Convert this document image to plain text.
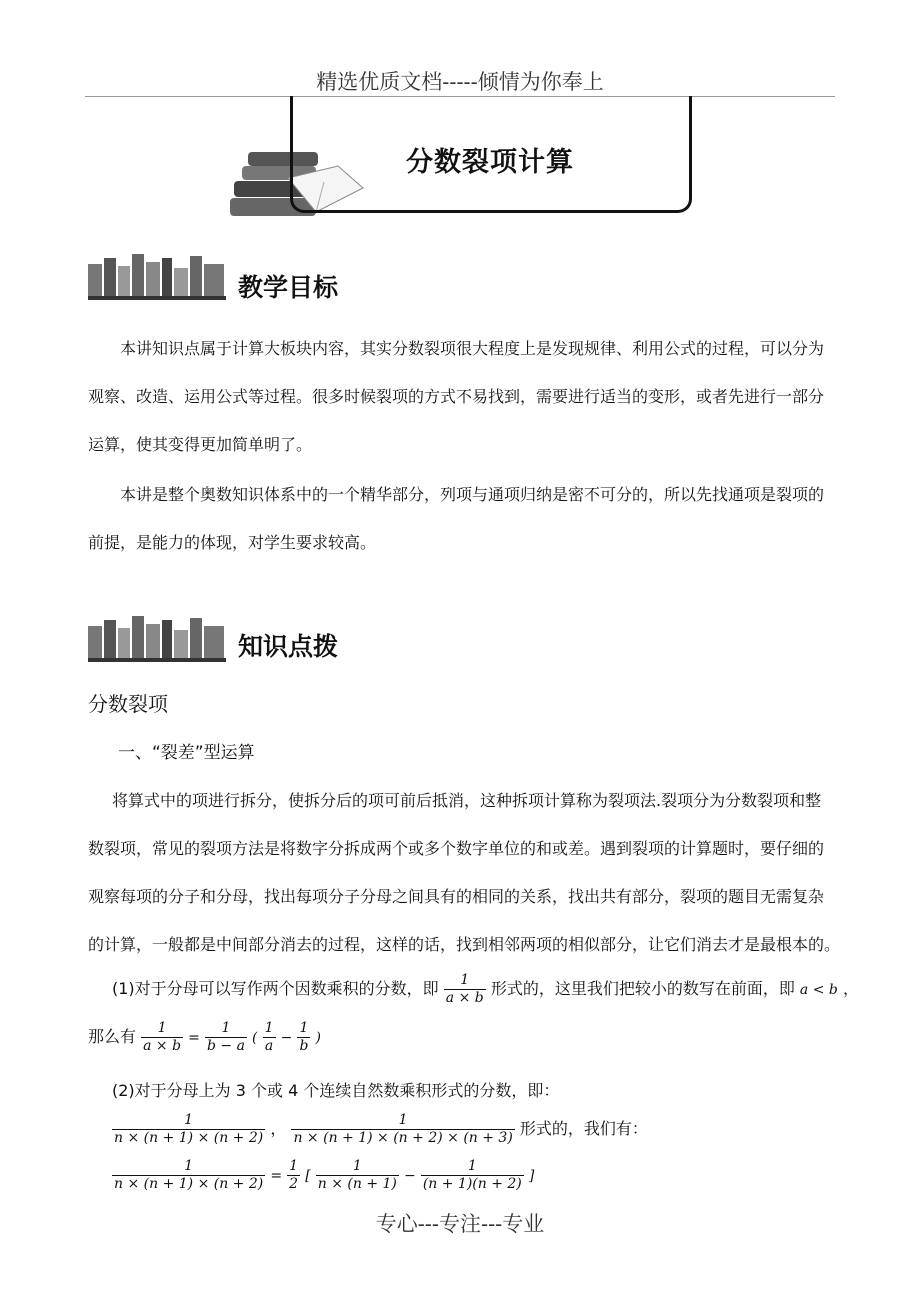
精选优质文档-----倾情为你奉上
分数裂项计算
教学目标
本讲知识点属于计算大板块内容，其实分数裂项很大程度上是发现规律、利用公式的过程，可以分为
观察、改造、运用公式等过程。很多时候裂项的方式不易找到，需要进行适当的变形，或者先进行一部分
运算，使其变得更加简单明了。
本讲是整个奥数知识体系中的一个精华部分，列项与通项归纳是密不可分的，所以先找通项是裂项的
前提，是能力的体现，对学生要求较高。
知识点拨
分数裂项
一、“裂差”型运算
将算式中的项进行拆分，使拆分后的项可前后抵消，这种拆项计算称为裂项法.裂项分为分数裂项和整
数裂项，常见的裂项方法是将数字分拆成两个或多个数字单位的和或差。遇到裂项的计算题时，要仔细的
观察每项的分子和分母，找出每项分子分母之间具有的相同的关系，找出共有部分，裂项的题目无需复杂
的计算，一般都是中间部分消去的过程，这样的话，找到相邻两项的相似部分，让它们消去才是最根本的。
(1)对于分母可以写作两个因数乘积的分数，即 $\frac{1}{a \times b}$ 形式的，这里我们把较小的数写在前面，即 a < b ，
那么有 $\frac{1}{a \times b} = \frac{1}{b - a}$ ( $\frac{1}{a} - \frac{1}{b}$ )
(2)对于分母上为 3 个或 4 个连续自然数乘积形式的分数，即：
$\frac{1}{n \times (n + 1) \times (n + 2)}$ ， $\frac{1}{n \times (n + 1) \times (n + 2) \times (n + 3)}$ 形式的，我们有：
$\frac{1}{n \times (n + 1) \times (n + 2)} = \frac{1}{2}$ [ $\frac{1}{n \times (n + 1)} - \frac{1}{(n + 1)(n + 2)}$ ]
专心---专注---专业
